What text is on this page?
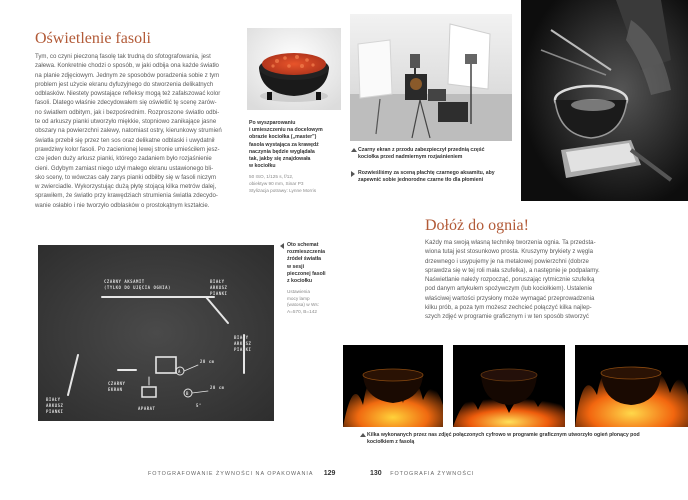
Oświetlenie fasoli

Tym, co czyni pieczoną fasolę tak trudną do sfotografowania, jest

załewa. Konkretnie chodzi o sposób, w jaki odbija ona każde światło

na planie zdjęciowym. Jednym ze sposobów poradzenia sobie z tym

problem jest użycie ekranu dyfuzyjnego do stworzenia delikatnych

odblasków. Niestety powstające refleksy mogą też zafałszować kolor

fasoli. Dlatego właśnie zdecydowałem się oświetlić tę scenę zarów-

no światłem odbitym, jak i bezpośrednim. Rozproszone światło odbi-

te od arkuszy pianki utworzyło miękkie, stopniowo zanikające jasne

obszary na powierzchni zalewy, natomiast ostry, kierunkowy strumień

światła przebił się przez ten sos oraz delikatne odblaski i uwydatnił

prawdziwy kolor fasoli. Po zacienionej lewej stronie umieściłem jesz-

cze jeden duży arkusz pianki, którego zadaniem było rozjaśnienie

cieni. Gdybym zamiast niego użył małego ekranu ustawionego bli-

sko sceny, to wówczas cały zarys pianki odbiłby się w fasoli niczym

w zwierciadle. Wykorzystując dużą płytę stojącą kilka metrów dalej,

sprawiłem, że światło przy krawędziach strumienia światła zdecydo-

wanie osłabło i nie tworzyło odblasków o prostokątnym kształcie.

Po wyszparowaniu
i umieszczeniu na docelowym
obrazie kociołka („master")
fasola wystająca za krawędź
naczynia będzie wyglądała
tak, jakby się znajdowała
w kociołku
50 ISO, 1/125 s, f/12,
obiektyw 90 mm, Sinar P3
Stylizacja potrawy: Lynne Morris
Czarny ekran z przodu zabezpieczył przednią część
kociołka przed nadmiernym rozjaśnieniem
Rozwieśliśmy za sceną płachtę czarnego aksamitu, aby
zapewnić sobie jednorodne czarne tło dla płomieni
Dołóż do ognia!

Każdy ma swoją własną technikę tworzenia ognia. Ta przedsta-

wiona tutaj jest stosunkowo prosta. Kruszymy brykiety z węgla

drzewnego i usypujemy je na metalowej powierzchni (dobrze

sprawdza się w tej roli mała szufelka), a następnie je podpalamy.

Naświetlanie należy rozpocząć, poruszając rytmicznie szufelką

pod danym artykułem spożywczym (lub kociołkiem). Ustalenie

właściwej wartości przysłony może wymagać przeprowadzenia

kilku prób, a poza tym możesz zechcieć połączyć kilka najlep-

szych zdjęć w programie graficznym i w ten sposób stworzyć

CZARNY AKSAMIT
(TYLKO DO UJĘCIA OGNIA)
BIAŁY
ARKUSZ
PIANKI
BIAŁY
ARKUSZ
PIANKI
BIAŁY
ARKUSZ
PIANKI
CZARNY
EKRAN
APARAT
20 cm
20 cm
A
B
5°
Oto schemat
rozmieszczenia
źródeł światła
w sesji
pieczonej fasoli
z kociołku
Ustawienia
mocy lamp
(watosa) w Ws:
A=570, B=142
Kilka wykonanych przez nas zdjęć połączonych cyfrowo w programie graficznym utworzyło ogień płonący pod
kociołkiem z fasolą
FOTOGRAFOWANIE ŻYWNOŚCI NA OPAKOWANIA 129	130 FOTOGRAFIA ŻYWNOŚCI
